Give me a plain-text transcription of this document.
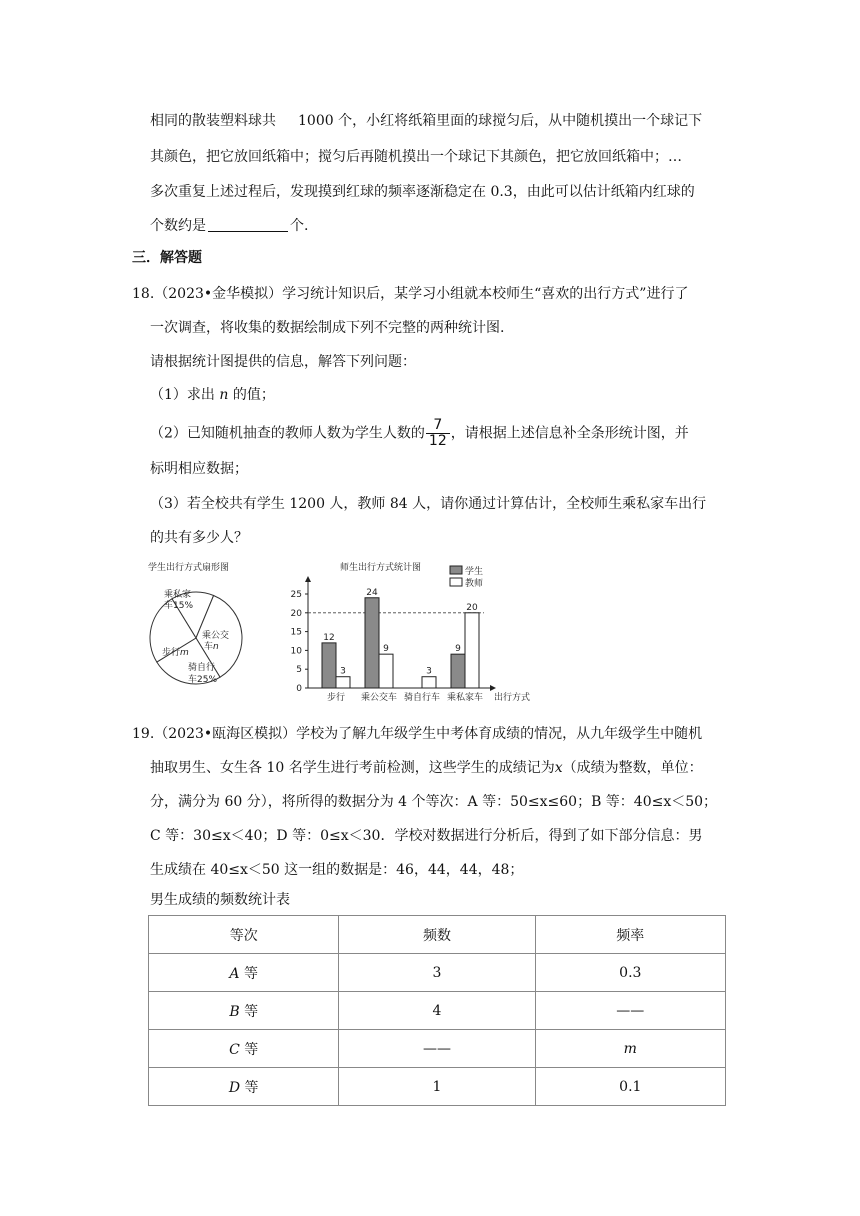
相同的散装塑料球共 1000 个，小红将纸箱里面的球搅匀后，从中随机摸出一个球记下
其颜色，把它放回纸箱中；搅匀后再随机摸出一个球记下其颜色，把它放回纸箱中；…
多次重复上述过程后，发现摸到红球的频率逐渐稳定在 0.3，由此可以估计纸箱内红球的
个数约是	个.
三．解答题
18.（2023•金华模拟）学习统计知识后，某学习小组就本校师生“喜欢的出行方式”进行了
一次调查，将收集的数据绘制成下列不完整的两种统计图.
请根据统计图提供的信息，解答下列问题：
（1）求出 n 的值；
（2）已知随机抽查的教师人数为学生人数的 $\frac{7}{12}$ ，请根据上述信息补全条形统计图，并
标明相应数据；
（3）若全校共有学生 1200 人，教师 84 人，请你通过计算估计，全校师生乘私家车出行
的共有多少人？
学生出行方式扇形图
乘私家
车15%
乘公交
车n
步行m
骑自行
车25%
师生出行方式统计图
0
5
10
15
20
25
12
3
步行
24
9
乘公交车
3
骑自行车
9
20
乘私家车 出行方式
学生
教师
19.（2023•瓯海区模拟）学校为了解九年级学生中考体育成绩的情况，从九年级学生中随机
抽取男生、女生各 10 名学生进行考前检测，这些学生的成绩记为x（成绩为整数，单位：
分，满分为 60 分），将所得的数据分为 4 个等次：A 等：50≤x≤60；B 等：40≤x＜50；
C 等：30≤x＜40；D 等：0≤x＜30．学校对数据进行分析后，得到了如下部分信息：男
生成绩在 40≤x＜50 这一组的数据是：46，44，44，48；
男生成绩的频数统计表
等次	频数	频率
A 等	3	0.3
B 等	4	——
C 等	——	m
D 等	1	0.1
